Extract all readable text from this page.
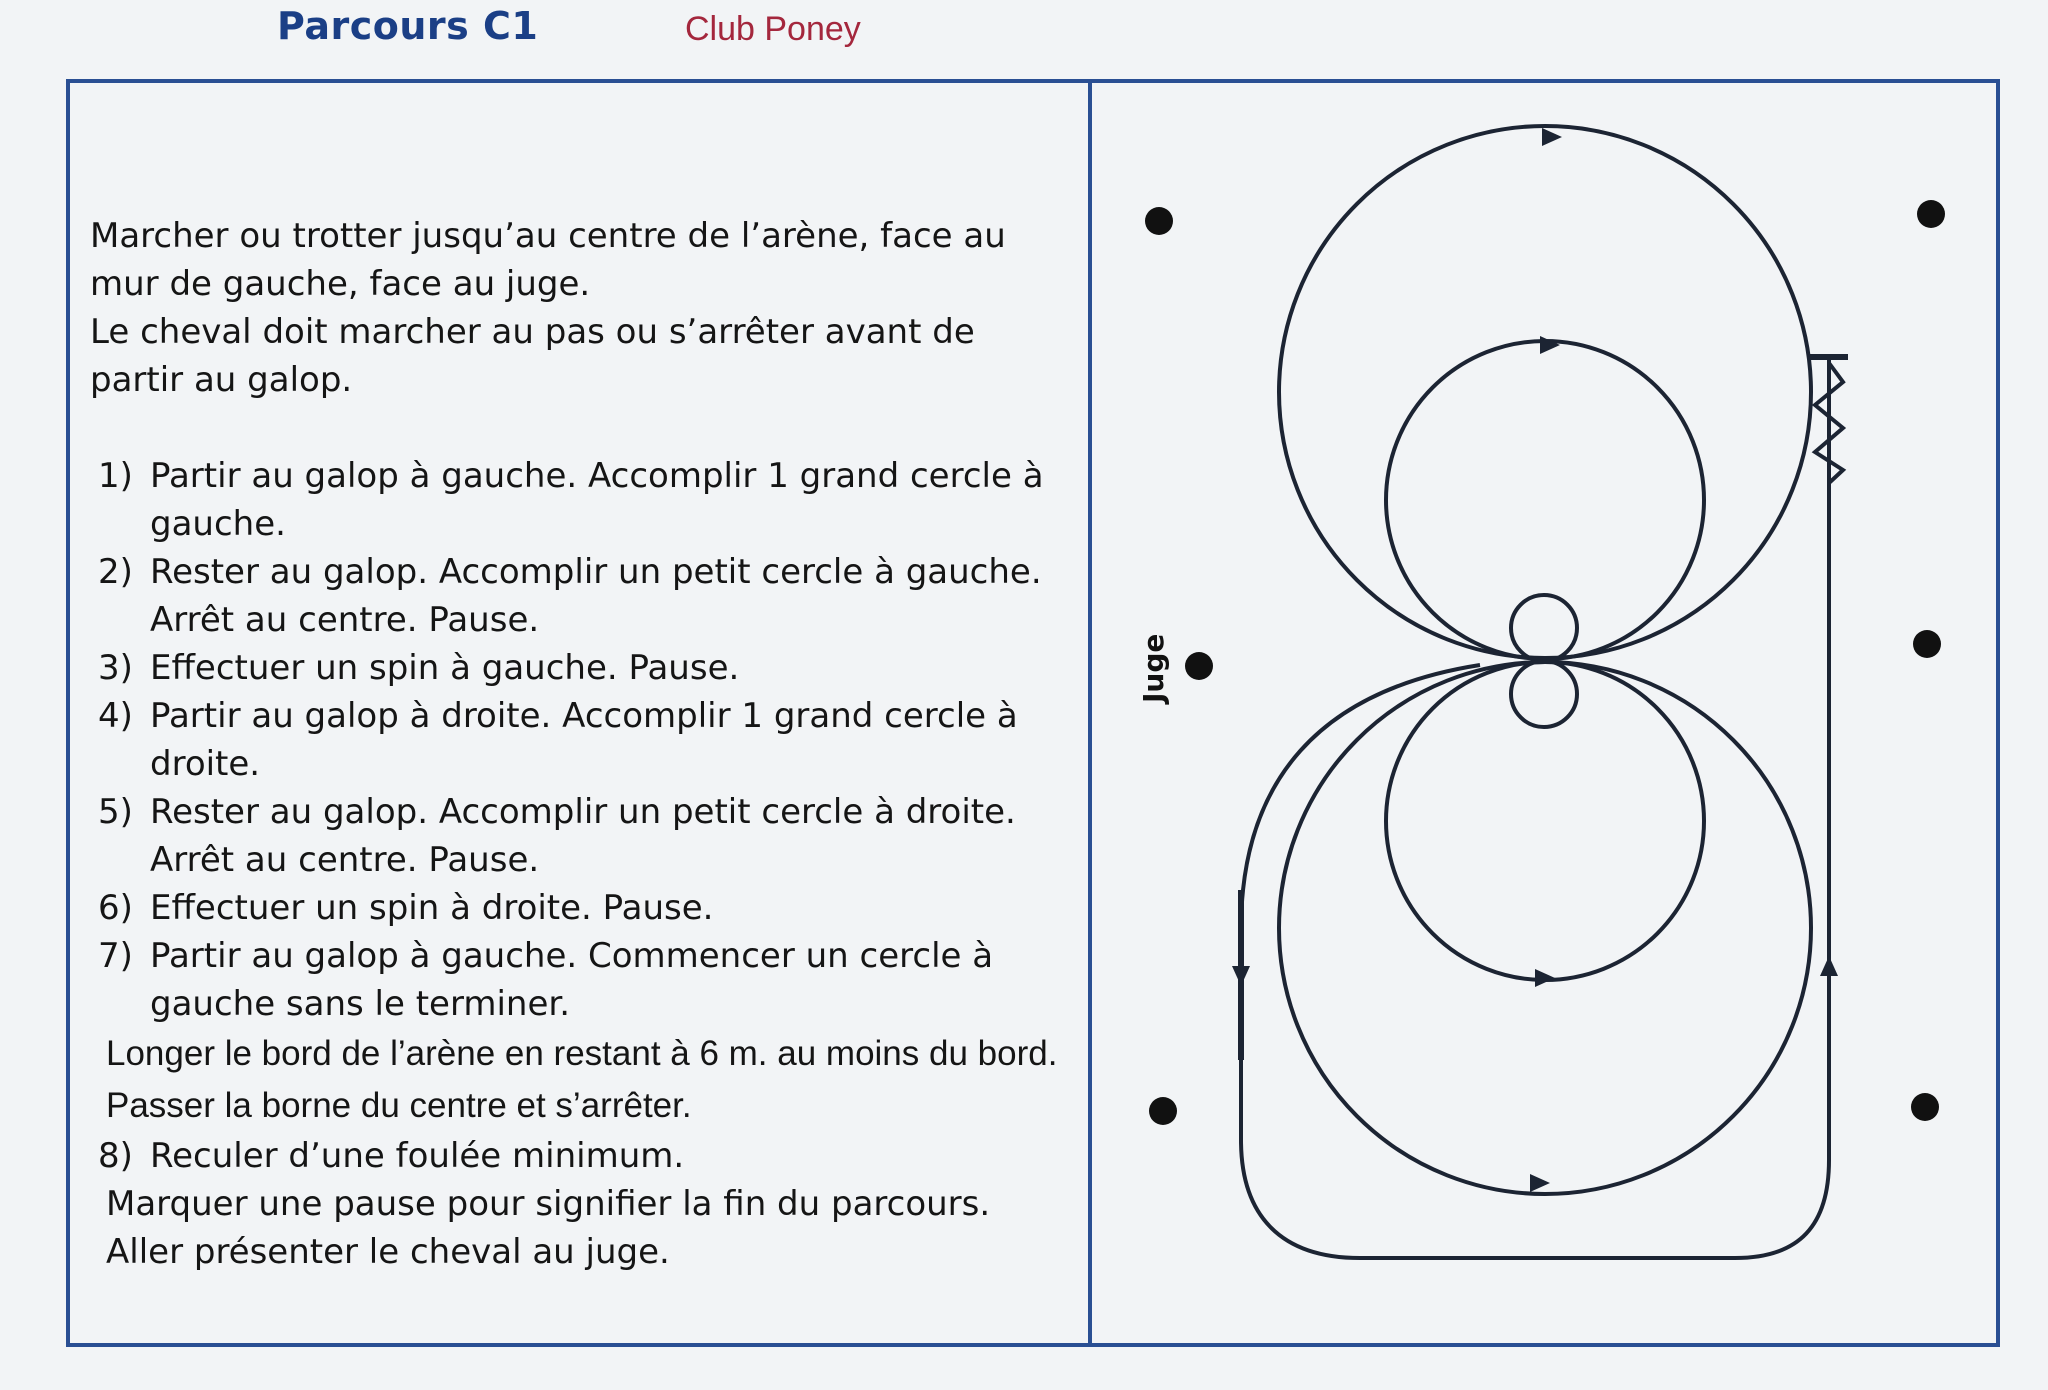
Parcours C1	Club Poney

Marcher ou trotter jusqu’au centre de l’arène, face au mur de gauche, face au juge.

Le cheval doit marcher au pas ou s’arrêter avant de partir au galop.

1) Partir au galop à gauche. Accomplir 1 grand cercle à gauche.
2) Rester au galop. Accomplir un petit cercle à gauche. Arrêt au centre. Pause.
3) Effectuer un spin à gauche. Pause.
4) Partir au galop à droite. Accomplir 1 grand cercle à droite.
5) Rester au galop. Accomplir un petit cercle à droite. Arrêt au centre. Pause.
6) Effectuer un spin à droite. Pause.
7) Partir au galop à gauche. Commencer un cercle à gauche sans le terminer.

Longer le bord de l’arène en restant à 6 m. au moins du bord.

Passer la borne du centre et s’arrêter.

8) Reculer d’une foulée minimum.

Marquer une pause pour signifier la fin du parcours.

Aller présenter le cheval au juge.

Juge
